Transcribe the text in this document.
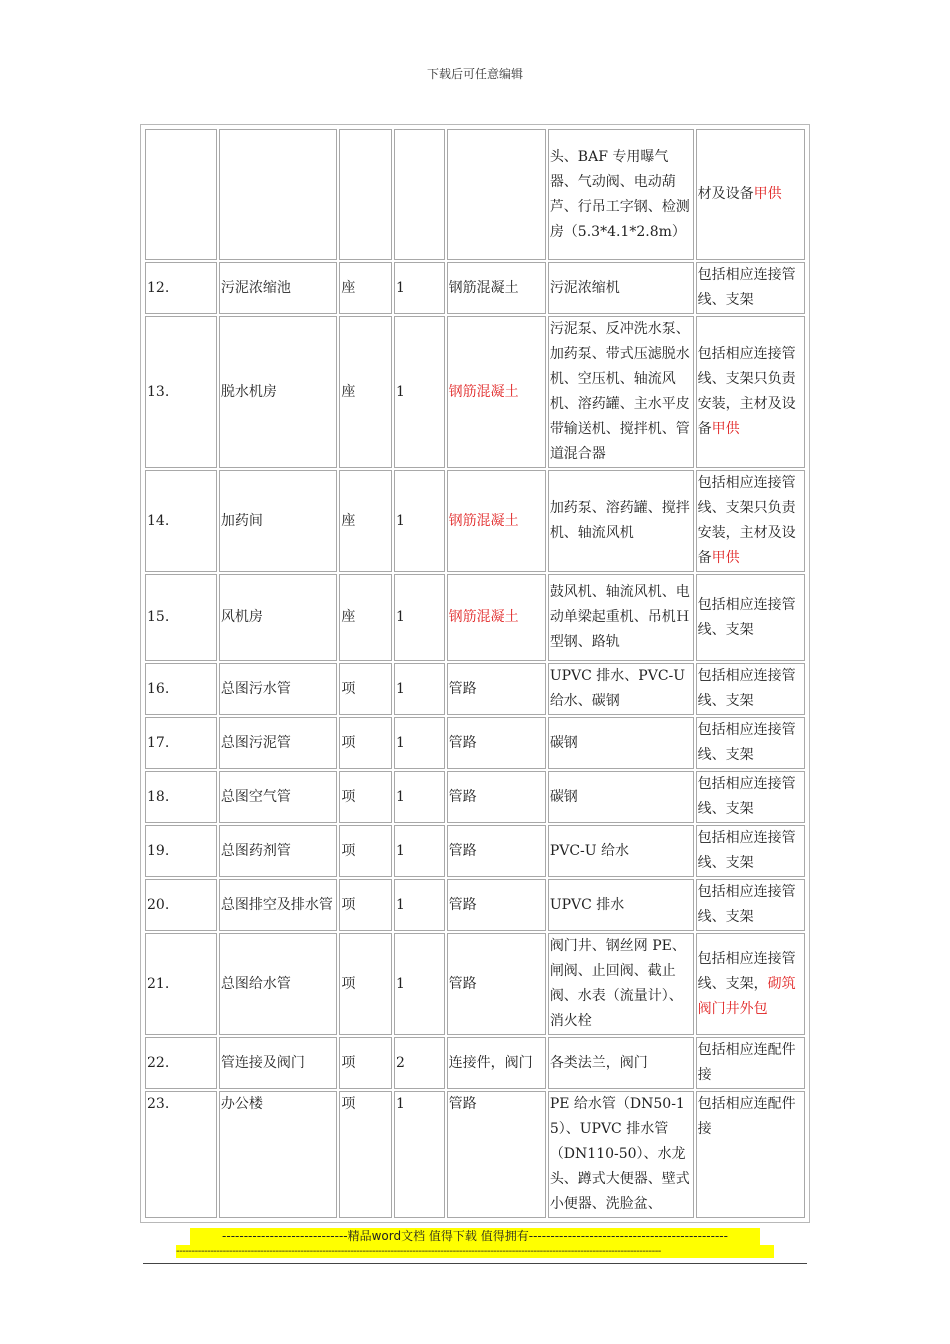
下载后可任意编辑
					头、BAF 专用曝气器、气动阀、电动葫芦、行吊工字钢、检测房（5.3*4.1*2.8m）	材及设备甲供
12.	污泥浓缩池	座	1	钢筋混凝土	污泥浓缩机	包括相应连接管线、支架
13.	脱水机房	座	1	钢筋混凝土	污泥泵、反冲洗水泵、加药泵、带式压滤脱水机、空压机、轴流风机、溶药罐、主水平皮带输送机、搅拌机、管道混合器	包括相应连接管线、支架只负责安装，主材及设备甲供
14.	加药间	座	1	钢筋混凝土	加药泵、溶药罐、搅拌机、轴流风机	包括相应连接管线、支架只负责安装，主材及设备甲供
15.	风机房	座	1	钢筋混凝土	鼓风机、轴流风机、电动单梁起重机、吊机Ｈ型钢、路轨	包括相应连接管线、支架
16.	总图污水管	项	1	管路	UPVC 排水、PVC-U 给水、碳钢	包括相应连接管线、支架
17.	总图污泥管	项	1	管路	碳钢	包括相应连接管线、支架
18.	总图空气管	项	1	管路	碳钢	包括相应连接管线、支架
19.	总图药剂管	项	1	管路	PVC-U 给水	包括相应连接管线、支架
20.	总图排空及排水管	项	1	管路	UPVC 排水	包括相应连接管线、支架
21.	总图给水管	项	1	管路	阀门井、钢丝网 PE、闸阀、止回阀、截止阀、水表（流量计）、消火栓	包括相应连接管线、支架，砌筑阀门井外包
22.	管连接及阀门	项	2	连接件，阀门	各类法兰，阀门	包括相应连配件接
23.	办公楼	项	1	管路	PE 给水管（DN50-15）、UPVC 排水管（DN110-50）、水龙头、蹲式大便器、壁式小便器、洗脸盆、	包括相应连配件接
-----------------------------精品word文档 值得下载 值得拥有----------------------------------------------
------------------------------------------------------------------------------------------------------------------------------------------------------------
